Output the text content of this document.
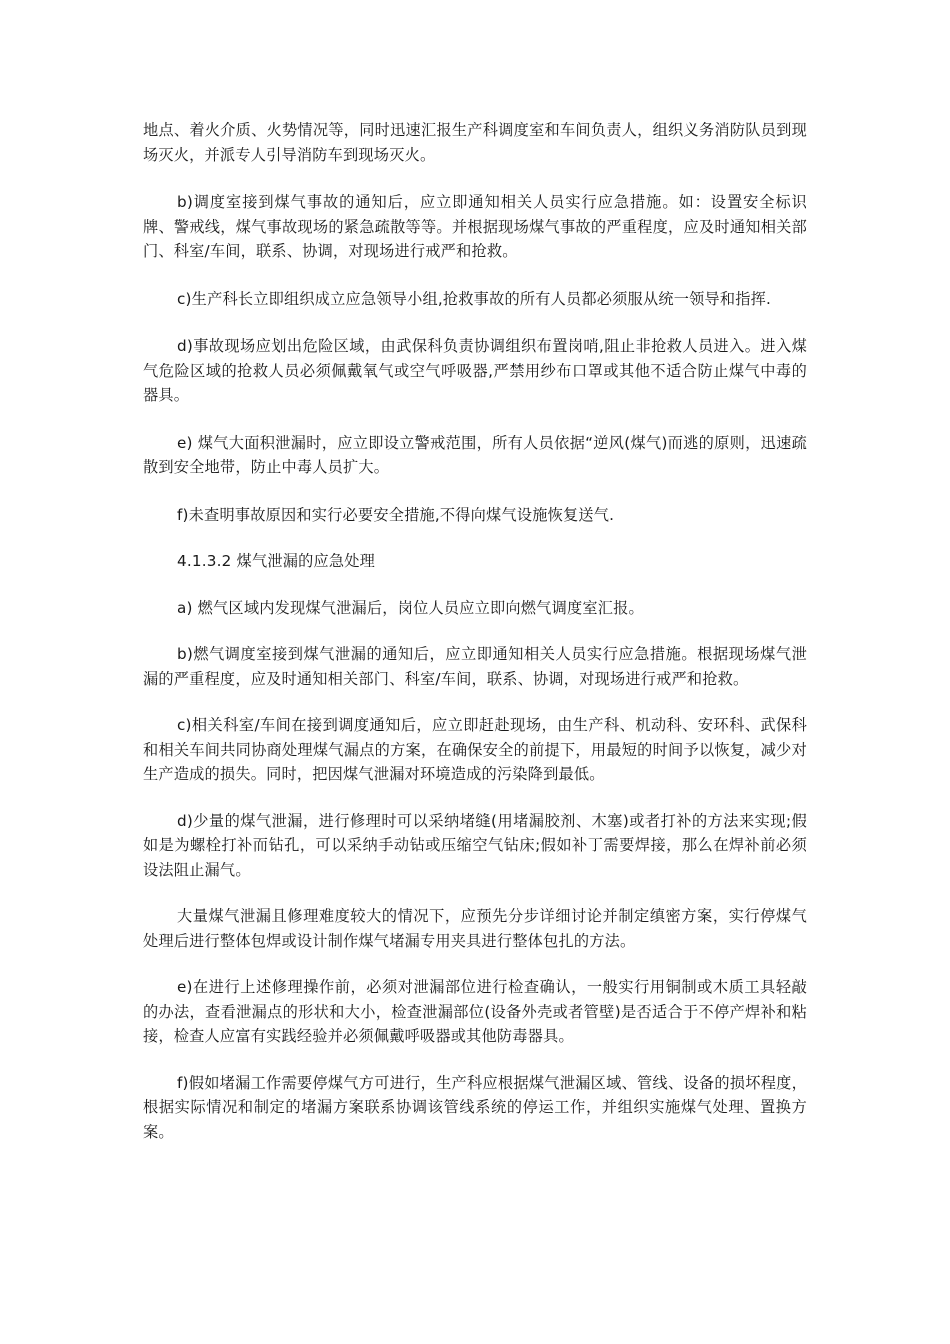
地点、着火介质、火势情况等，同时迅速汇报生产科调度室和车间负责人，组织义务消防队员到现场灭火，并派专人引导消防车到现场灭火。

b)调度室接到煤气事故的通知后，应立即通知相关人员实行应急措施。如：设置安全标识牌、警戒线，煤气事故现场的紧急疏散等等。并根据现场煤气事故的严重程度，应及时通知相关部门、科室/车间，联系、协调，对现场进行戒严和抢救。

c)生产科长立即组织成立应急领导小组,抢救事故的所有人员都必须服从统一领导和指挥.

d)事故现场应划出危险区域，由武保科负责协调组织布置岗哨,阻止非抢救人员进入。进入煤气危险区域的抢救人员必须佩戴氧气或空气呼吸器,严禁用纱布口罩或其他不适合防止煤气中毒的器具。

e) 煤气大面积泄漏时，应立即设立警戒范围，所有人员依据“逆风(煤气)而逃的原则，迅速疏散到安全地带，防止中毒人员扩大。

f)未查明事故原因和实行必要安全措施,不得向煤气设施恢复送气.

4.1.3.2 煤气泄漏的应急处理

a) 燃气区域内发现煤气泄漏后，岗位人员应立即向燃气调度室汇报。

b)燃气调度室接到煤气泄漏的通知后，应立即通知相关人员实行应急措施。根据现场煤气泄漏的严重程度，应及时通知相关部门、科室/车间，联系、协调，对现场进行戒严和抢救。

c)相关科室/车间在接到调度通知后，应立即赶赴现场，由生产科、机动科、安环科、武保科和相关车间共同协商处理煤气漏点的方案，在确保安全的前提下，用最短的时间予以恢复，减少对生产造成的损失。同时，把因煤气泄漏对环境造成的污染降到最低。

d)少量的煤气泄漏，进行修理时可以采纳堵缝(用堵漏胶剂、木塞)或者打补的方法来实现;假如是为螺栓打补而钻孔，可以采纳手动钻或压缩空气钻床;假如补丁需要焊接，那么在焊补前必须设法阻止漏气。

大量煤气泄漏且修理难度较大的情况下，应预先分步详细讨论并制定缜密方案，实行停煤气处理后进行整体包焊或设计制作煤气堵漏专用夹具进行整体包扎的方法。

e)在进行上述修理操作前，必须对泄漏部位进行检查确认，一般实行用铜制或木质工具轻敲的办法，查看泄漏点的形状和大小，检查泄漏部位(设备外壳或者管壁)是否适合于不停产焊补和粘接，检查人应富有实践经验并必须佩戴呼吸器或其他防毒器具。

f)假如堵漏工作需要停煤气方可进行，生产科应根据煤气泄漏区域、管线、设备的损坏程度，根据实际情况和制定的堵漏方案联系协调该管线系统的停运工作，并组织实施煤气处理、置换方案。
